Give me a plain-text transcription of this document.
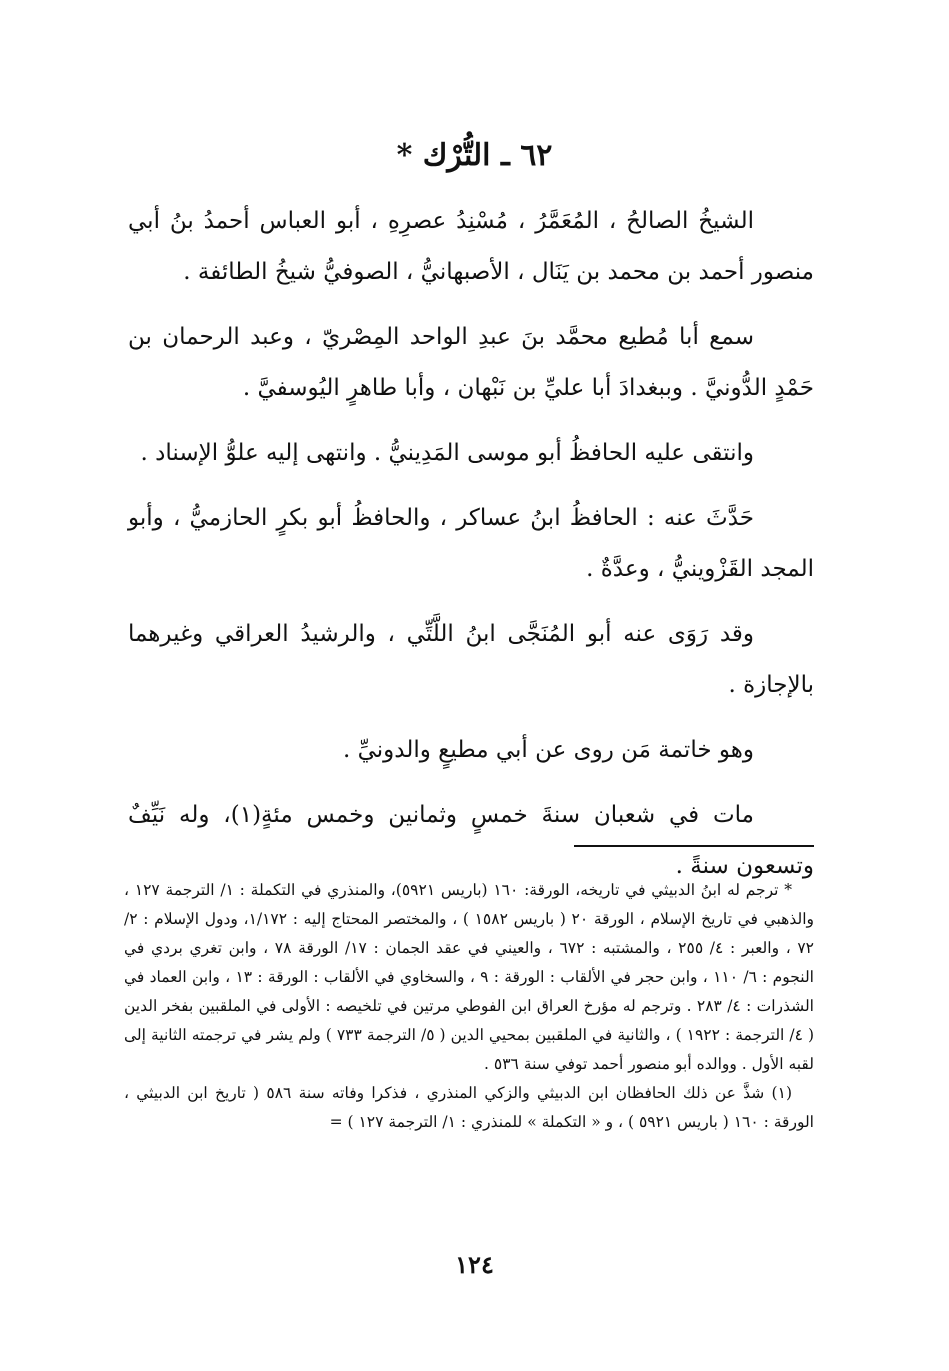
٦٢ ـ التُّرْك *

الشيخُ الصالحُ ، المُعَمَّرُ ، مُسْنِدُ عصرِهِ ، أبو العباس أحمدُ بنُ أبي منصور أحمد بن محمد بن يَنَال ، الأصبهانيُّ ، الصوفيُّ شيخُ الطائفة .

سمع أبا مُطيع محمَّد بنَ عبدِ الواحد المِصْريّ ، وعبد الرحمان بن حَمْدٍ الدُّونيَّ . وببغدادَ أبا عليِّ بن نَبْهان ، وأبا طاهرٍ اليُوسفيَّ .

وانتقى عليه الحافظُ أبو موسى المَدِينيُّ . وانتهى إليه علوُّ الإسناد .

حَدَّثَ عنه : الحافظُ ابنُ عساكر ، والحافظُ أبو بكرٍ الحازميُّ ، وأبو المجد القَزْوينيُّ ، وعدَّةٌ .

وقد رَوَى عنه أبو المُنَجَّى ابنُ اللَّتِّي ، والرشيدُ العراقي وغيرهما بالإجازة .

وهو خاتمة مَن روى عن أبي مطيعٍ والدونيِّ .

مات في شعبان سنةَ خمسٍ وثمانين وخمس مئةٍ(١)، وله نَيِّفٌ وتسعون سنةً .

* ترجم له ابنُ الدبيثي في تاريخه، الورقة: ١٦٠ (باريس ٥٩٢١)، والمنذري في التكملة : ١/ الترجمة ١٢٧ ، والذهبي في تاريخ الإسلام ، الورقة ٢٠ ( باريس ١٥٨٢ ) ، والمختصر المحتاج إليه : ١/١٧٢، ودول الإسلام : ٢/ ٧٢ ، والعبر : ٤/ ٢٥٥ ، والمشتبه : ٦٧٢ ، والعيني في عقد الجمان : ١٧/ الورقة ٧٨ ، وابن تغري بردي في النجوم : ٦/ ١١٠ ، وابن حجر في الألقاب : الورقة : ٩ ، والسخاوي في الألقاب : الورقة : ١٣ ، وابن العماد في الشذرات : ٤/ ٢٨٣ . وترجم له مؤرخ العراق ابن الفوطي مرتين في تلخيصه : الأولى في الملقبين بفخر الدين ( ٤/ الترجمة : ١٩٢٢ ) ، والثانية في الملقبين بمحيي الدين ( ٥/ الترجمة ٧٣٣ ) ولم يشر في ترجمته الثانية إلى لقبه الأول . ووالده أبو منصور أحمد توفي سنة ٥٣٦ .

(١) شذَّ عن ذلك الحافظان ابن الدبيثي والزكي المنذري ، فذكرا وفاته سنة ٥٨٦ ( تاريخ ابن الدبيثي ، الورقة : ١٦٠ ( باريس ٥٩٢١ ) ، و « التكملة » للمنذري : ١/ الترجمة ١٢٧ ) =

١٢٤
